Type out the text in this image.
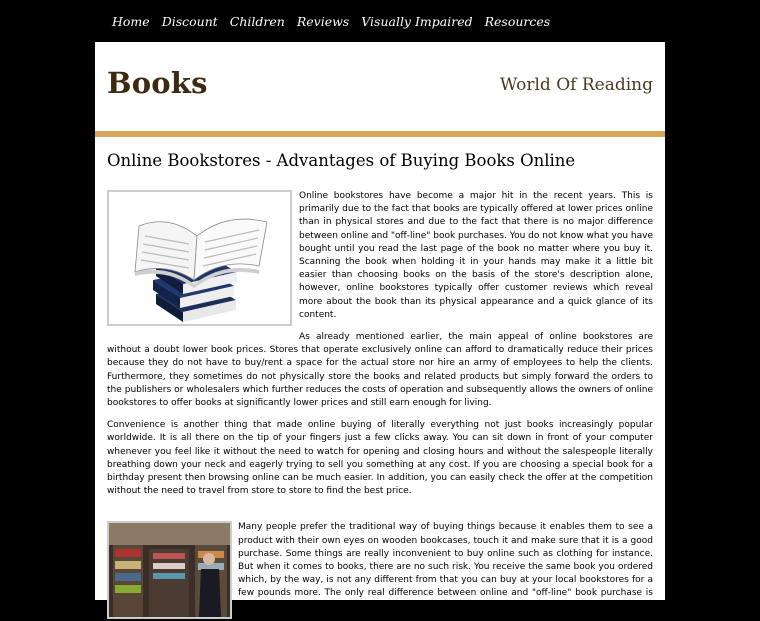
Home Discount Children Reviews Visually Impaired Resources
Books	World Of Reading
Online Bookstores - Advantages of Buying Books Online

Online bookstores have become a major hit in the recent years. This is primarily due to the fact that books are typically offered at lower prices online than in physical stores and due to the fact that there is no major difference between online and "off-line" book purchases. You do not know what you have bought until you read the last page of the book no matter where you buy it. Scanning the book when holding it in your hands may make it a little bit easier than choosing books on the basis of the store's description alone, however, online bookstores typically offer customer reviews which reveal more about the book than its physical appearance and a quick glance of its content.

As already mentioned earlier, the main appeal of online bookstores are without a doubt lower book prices. Stores that operate exclusively online can afford to dramatically reduce their prices because they do not have to buy/rent a space for the actual store nor hire an army of employees to help the clients. Furthermore, they sometimes do not physically store the books and related products but simply forward the orders to the publishers or wholesalers which further reduces the costs of operation and subsequently allows the owners of online bookstores to offer books at significantly lower prices and still earn enough for living.

Convenience is another thing that made online buying of literally everything not just books increasingly popular worldwide. It is all there on the tip of your fingers just a few clicks away. You can sit down in front of your computer whenever you feel like it without the need to watch for opening and closing hours and without the salespeople literally breathing down your neck and eagerly trying to sell you something at any cost. If you are choosing a special book for a birthday present then browsing online can be much easier. In addition, you can easily check the offer at the competition without the need to travel from store to store to find the best price.

Many people prefer the traditional way of buying things because it enables them to see a product with their own eyes on wooden bookcases, touch it and make sure that it is a good purchase. Some things are really inconvenient to buy online such as clothing for instance. But when it comes to books, there are no such risk. You receive the same book you ordered which, by the way, is not any different from that you can buy at your local bookstores for a few pounds more. The only real difference between online and "off-line" book purchase is that you do not get it immediately when buying online.
